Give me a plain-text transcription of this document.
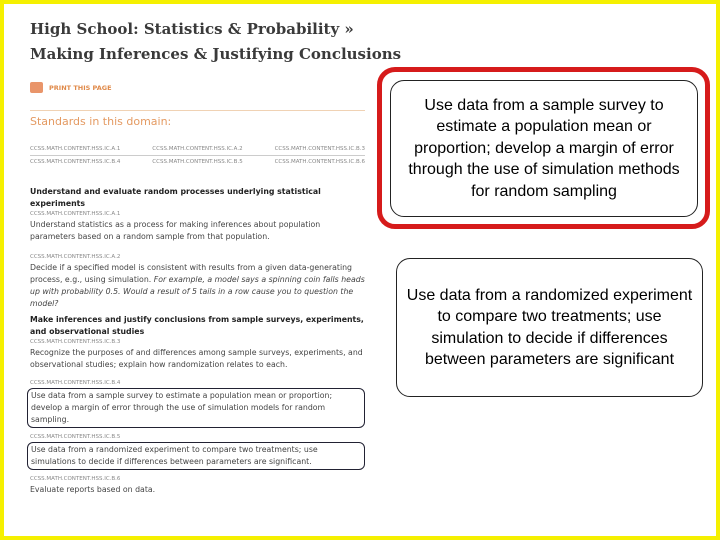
High School: Statistics & Probability »
Making Inferences & Justifying Conclusions
PRINT THIS PAGE
Standards in this domain:
CCSS.MATH.CONTENT.HSS.IC.A.1	CCSS.MATH.CONTENT.HSS.IC.A.2	CCSS.MATH.CONTENT.HSS.IC.B.3
CCSS.MATH.CONTENT.HSS.IC.B.4	CCSS.MATH.CONTENT.HSS.IC.B.5	CCSS.MATH.CONTENT.HSS.IC.B.6
Understand and evaluate random processes underlying statistical experiments
CCSS.MATH.CONTENT.HSS.IC.A.1
Understand statistics as a process for making inferences about population parameters based on a random sample from that population.
CCSS.MATH.CONTENT.HSS.IC.A.2
Decide if a specified model is consistent with results from a given data-generating process, e.g., using simulation. For example, a model says a spinning coin falls heads up with probability 0.5. Would a result of 5 tails in a row cause you to question the model?
Make inferences and justify conclusions from sample surveys, experiments, and observational studies
CCSS.MATH.CONTENT.HSS.IC.B.3
Recognize the purposes of and differences among sample surveys, experiments, and observational studies; explain how randomization relates to each.
CCSS.MATH.CONTENT.HSS.IC.B.4
Use data from a sample survey to estimate a population mean or proportion; develop a margin of error through the use of simulation models for random sampling.
CCSS.MATH.CONTENT.HSS.IC.B.5
Use data from a randomized experiment to compare two treatments; use simulations to decide if differences between parameters are significant.
CCSS.MATH.CONTENT.HSS.IC.B.6
Evaluate reports based on data.
Use data from a sample survey to estimate a population mean or proportion; develop a margin of error through the use of simulation methods for random sampling
Use data from a randomized experiment to compare two treatments; use simulation to decide if differences between parameters are significant
